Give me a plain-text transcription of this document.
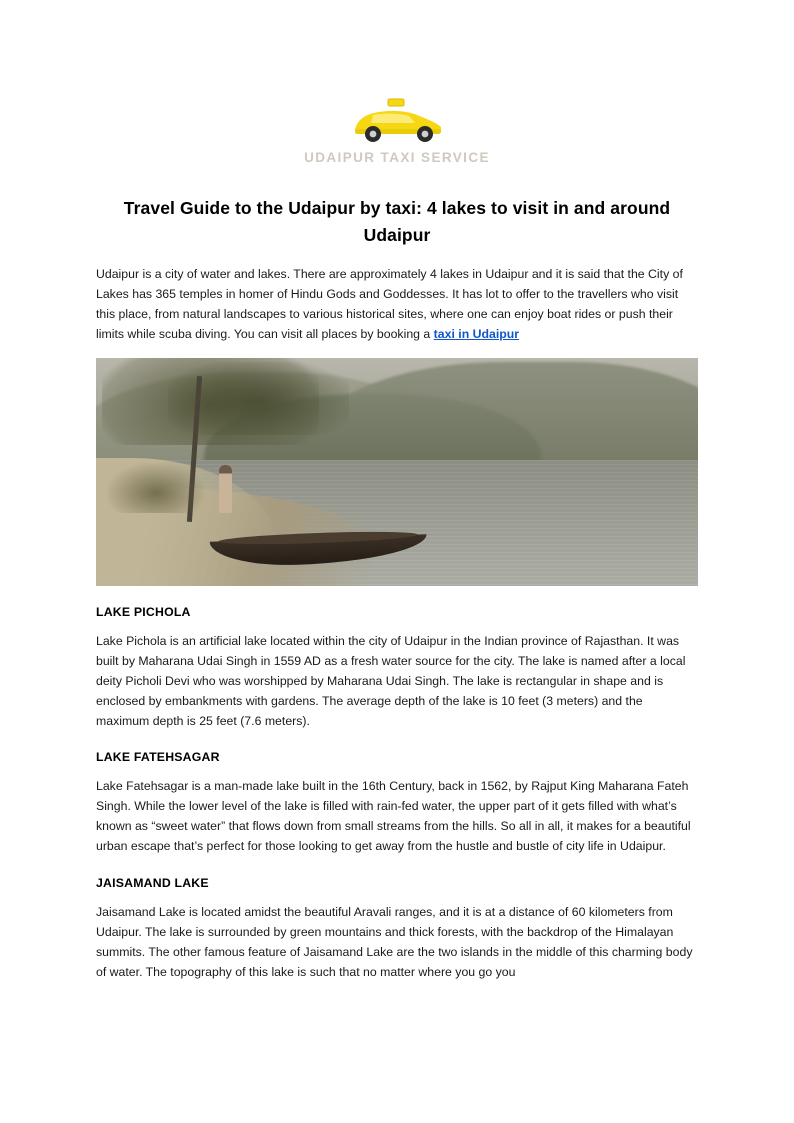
UDAIPUR TAXI SERVICE
Travel Guide to the Udaipur by taxi: 4 lakes to visit in and around Udaipur

Udaipur is a city of water and lakes. There are approximately 4 lakes in Udaipur and it is said that the City of Lakes has 365 temples in homer of Hindu Gods and Goddesses. It has lot to offer to the travellers who visit this place, from natural landscapes to various historical sites, where one can enjoy boat rides or push their limits while scuba diving. You can visit all places by booking a taxi in Udaipur

LAKE PICHOLA

Lake Pichola is an artificial lake located within the city of Udaipur in the Indian province of Rajasthan. It was built by Maharana Udai Singh in 1559 AD as a fresh water source for the city. The lake is named after a local deity Picholi Devi who was worshipped by Maharana Udai Singh. The lake is rectangular in shape and is enclosed by embankments with gardens. The average depth of the lake is 10 feet (3 meters) and the maximum depth is 25 feet (7.6 meters).

LAKE FATEHSAGAR

Lake Fatehsagar is a man-made lake built in the 16th Century, back in 1562, by Rajput King Maharana Fateh Singh. While the lower level of the lake is filled with rain-fed water, the upper part of it gets filled with what’s known as “sweet water” that flows down from small streams from the hills. So all in all, it makes for a beautiful urban escape that’s perfect for those looking to get away from the hustle and bustle of city life in Udaipur.

JAISAMAND LAKE

Jaisamand Lake is located amidst the beautiful Aravali ranges, and it is at a distance of 60 kilometers from Udaipur. The lake is surrounded by green mountains and thick forests, with the backdrop of the Himalayan summits. The other famous feature of Jaisamand Lake are the two islands in the middle of this charming body of water. The topography of this lake is such that no matter where you go you
